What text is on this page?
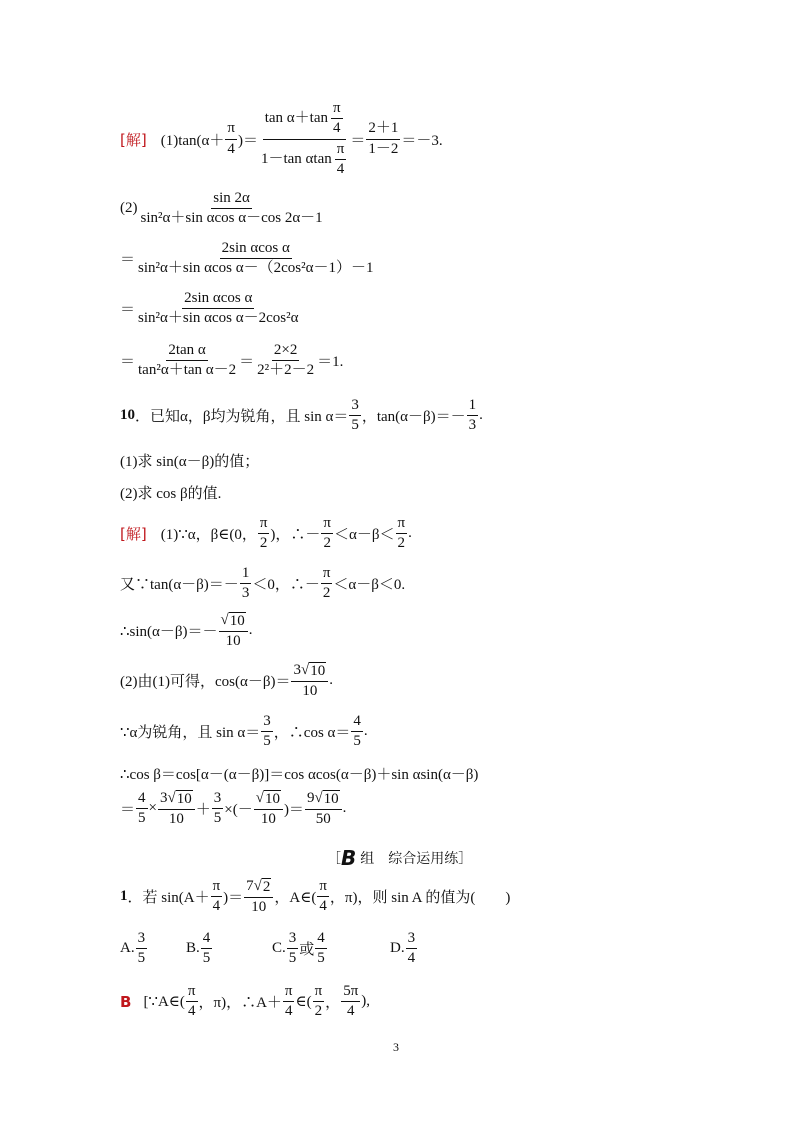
[解] $(1)\tan(\alpha+ \frac{\pi}{4}$ )＝ $\frac{\tan \alpha+\tan \frac{\pi}{4}}{1-\tan \alpha\tan \frac{\pi}{4}} = \frac{2+1}{1-2} =-3$.
$(2) \frac{\sin 2\alpha}{\text{sin²α＋sin αcos α－cos 2α－1}}$
＝ $\frac{\text{2sin αcos α}}{\text{sin²α＋sin αcos α－（2cos²α－1）－1}}$
＝ $\frac{\text{2sin αcos α}}{\text{sin²α＋sin αcos α－2cos²α}}$
＝ $\frac{\text{2tan α}}{\text{tan²α＋tan α－2}} = \frac{2\times 2}{\text{2²＋2－2}} =1$.
10 ．已知α，β均为锐角，且 $\sin \alpha= \frac{3}{5}$ ，$\tan(\alpha-\beta)=- \frac{1}{3}$ .
(1)求 sin(α－β)的值；
(2)求 cos β的值.
[解] (1)∵α，β∈(0， $\frac{\pi}{2}$ )，∴－ $\frac{\pi}{2} <\alpha-\beta< \frac{\pi}{2}$ .
又∵tan(α－β)＝－ $\frac{1}{3} <0$，∴－ $\frac{\pi}{2} <\alpha-\beta<0$.
∴sin(α－β)＝－ $\frac{√ 10}{10}$ .
(2)由(1)可得，$\cos(\alpha-\beta)= \frac{3 √ 10}{10}$ .
∵α为锐角，且 $\sin \alpha= \frac{3}{5}$ ，∴cos $\alpha= \frac{4}{5}$ .
∴cos β＝cos[α－(α－β)]＝cos αcos(α－β)＋sin αsin(α－β)
＝ $\frac{4}{5} \times \frac{3 √ 10}{10} + \frac{3}{5}$ ×(－ $\frac{√ 10}{10}$ )＝ $\frac{9 √ 10}{50}$ .
［ B 组　综合运用练 ］
1 ．若 $\sin(A+ \frac{\pi}{4}$ )＝ $\frac{7 √ 2}{10}$ ，A∈( $\frac{\pi}{4}$ ，π)，则 sin A 的值为(　　)
A. $\frac{3}{5}$	B. $\frac{4}{5}$	C. $\frac{3}{5}$ 或 $\frac{4}{5}$	D. $\frac{3}{4}$
B [∵A∈( $\frac{\pi}{4}$ ，π)，∴A＋ $\frac{\pi}{4}$ ∈( $\frac{\pi}{2}$ ， $\frac{5\pi}{4}$ ),
3
